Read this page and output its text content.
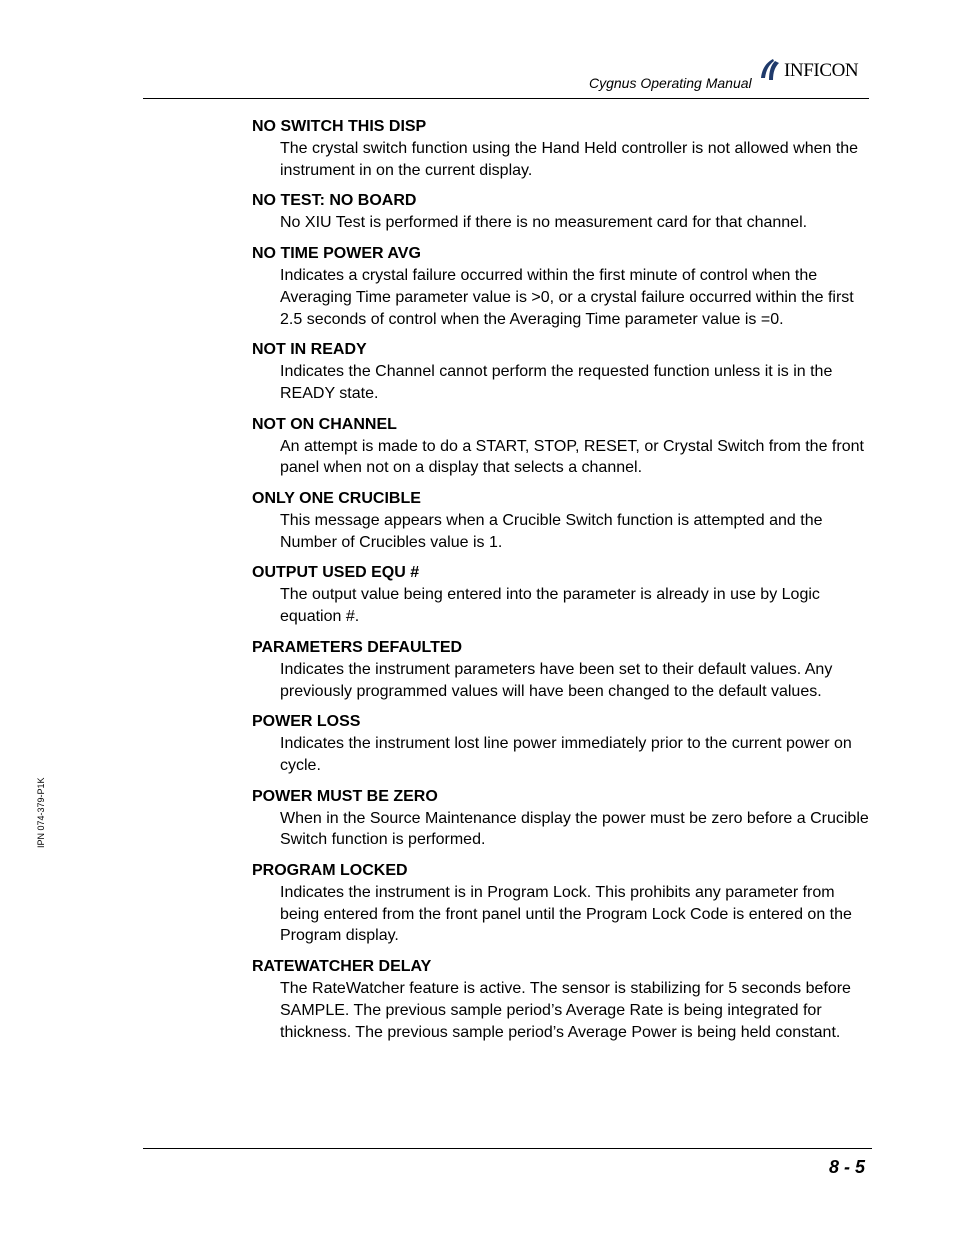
Cygnus Operating Manual
INFICON
IPN 074-379-P1K
NO SWITCH THIS DISP
The crystal switch function using the Hand Held controller is not allowed when the instrument in on the current display.
NO TEST: NO BOARD
No XIU Test is performed if there is no measurement card for that channel.
NO TIME POWER AVG
Indicates a crystal failure occurred within the first minute of control when the Averaging Time parameter value is >0, or a crystal failure occurred within the first 2.5 seconds of control when the Averaging Time parameter value is =0.
NOT IN READY
Indicates the Channel cannot perform the requested function unless it is in the READY state.
NOT ON CHANNEL
An attempt is made to do a START, STOP, RESET, or Crystal Switch from the front panel when not on a display that selects a channel.
ONLY ONE CRUCIBLE
This message appears when a Crucible Switch function is attempted and the Number of Crucibles value is 1.
OUTPUT USED EQU #
The output value being entered into the parameter is already in use by Logic equation #.
PARAMETERS DEFAULTED
Indicates the instrument parameters have been set to their default values. Any previously programmed values will have been changed to the default values.
POWER LOSS
Indicates the instrument lost line power immediately prior to the current power on cycle.
POWER MUST BE ZERO
When in the Source Maintenance display the power must be zero before a Crucible Switch function is performed.
PROGRAM LOCKED
Indicates the instrument is in Program Lock. This prohibits any parameter from being entered from the front panel until the Program Lock Code is entered on the Program display.
RATEWATCHER DELAY
The RateWatcher feature is active. The sensor is stabilizing for 5 seconds before SAMPLE. The previous sample period’s Average Rate is being integrated for thickness. The previous sample period’s Average Power is being held constant.
8 - 5
